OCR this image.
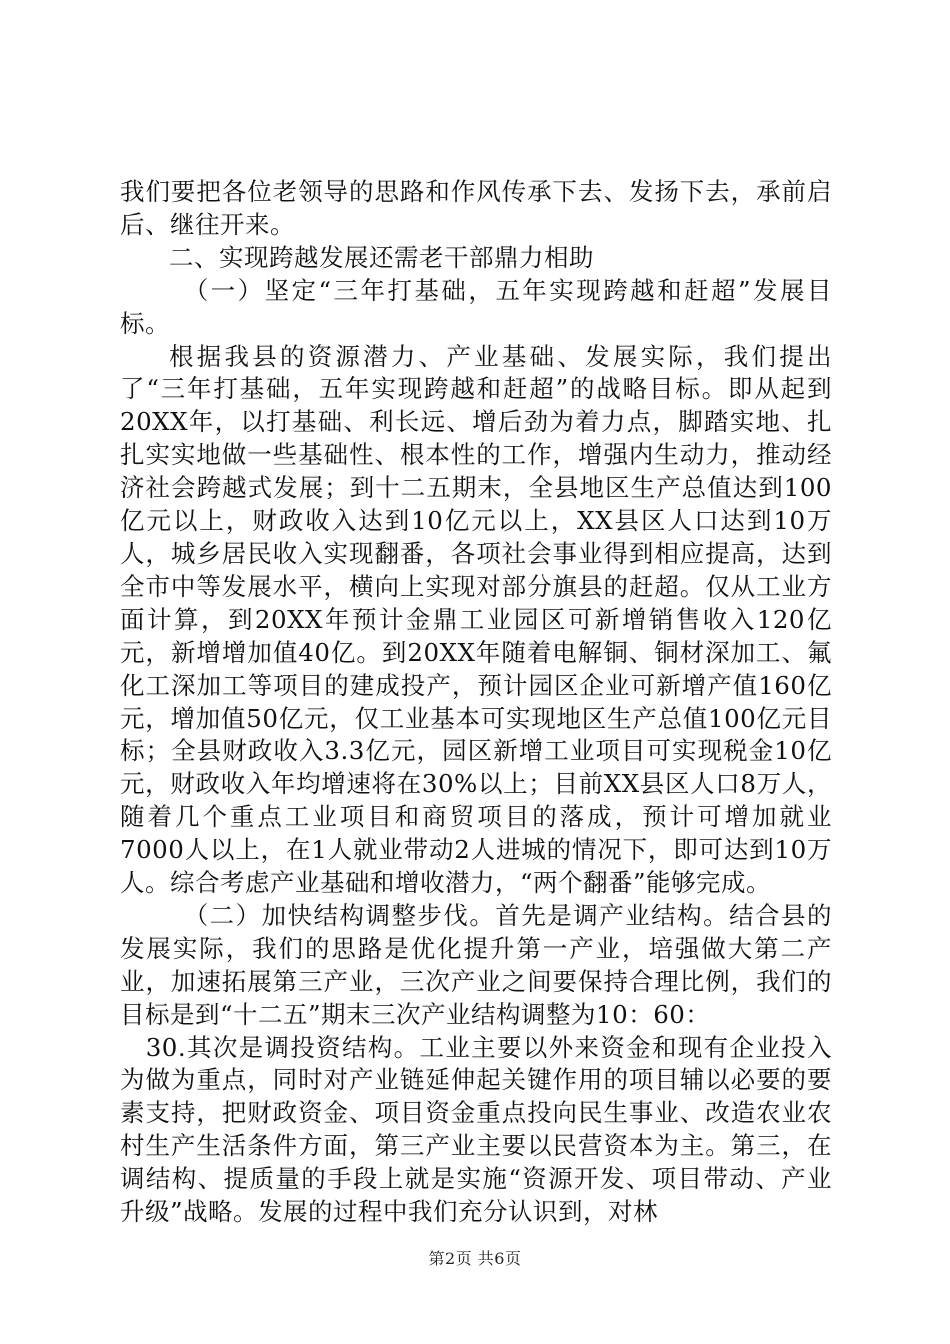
我们要把各位老领导的思路和作风传承下去、发扬下去，承前启后、继往开来。

二、实现跨越发展还需老干部鼎力相助

（一）坚定“三年打基础，五年实现跨越和赶超”发展目标。

根据我县的资源潜力、产业基础、发展实际，我们提出了“三年打基础，五年实现跨越和赶超”的战略目标。即从起到20XX年，以打基础、利长远、增后劲为着力点，脚踏实地、扎扎实实地做一些基础性、根本性的工作，增强内生动力，推动经济社会跨越式发展；到十二五期末，全县地区生产总值达到100亿元以上，财政收入达到10亿元以上，XX县区人口达到10万人，城乡居民收入实现翻番，各项社会事业得到相应提高，达到全市中等发展水平，横向上实现对部分旗县的赶超。仅从工业方面计算，到20XX年预计金鼎工业园区可新增销售收入120亿元，新增增加值40亿。到20XX年随着电解铜、铜材深加工、氟化工深加工等项目的建成投产，预计园区企业可新增产值160亿元，增加值50亿元，仅工业基本可实现地区生产总值100亿元目标；全县财政收入3.3亿元，园区新增工业项目可实现税金10亿元，财政收入年均增速将在30%以上；目前XX县区人口8万人，随着几个重点工业项目和商贸项目的落成，预计可增加就业7000人以上，在1人就业带动2人进城的情况下，即可达到10万人。综合考虑产业基础和增收潜力，“两个翻番”能够完成。

（二）加快结构调整步伐。首先是调产业结构。结合县的发展实际，我们的思路是优化提升第一产业，培强做大第二产业，加速拓展第三产业，三次产业之间要保持合理比例，我们的目标是到“十二五”期末三次产业结构调整为10：60：

30.其次是调投资结构。工业主要以外来资金和现有企业投入为做为重点，同时对产业链延伸起关键作用的项目辅以必要的要素支持，把财政资金、项目资金重点投向民生事业、改造农业农村生产生活条件方面，第三产业主要以民营资本为主。第三，在调结构、提质量的手段上就是实施“资源开发、项目带动、产业升级”战略。发展的过程中我们充分认识到，对林

第2页 共6页
